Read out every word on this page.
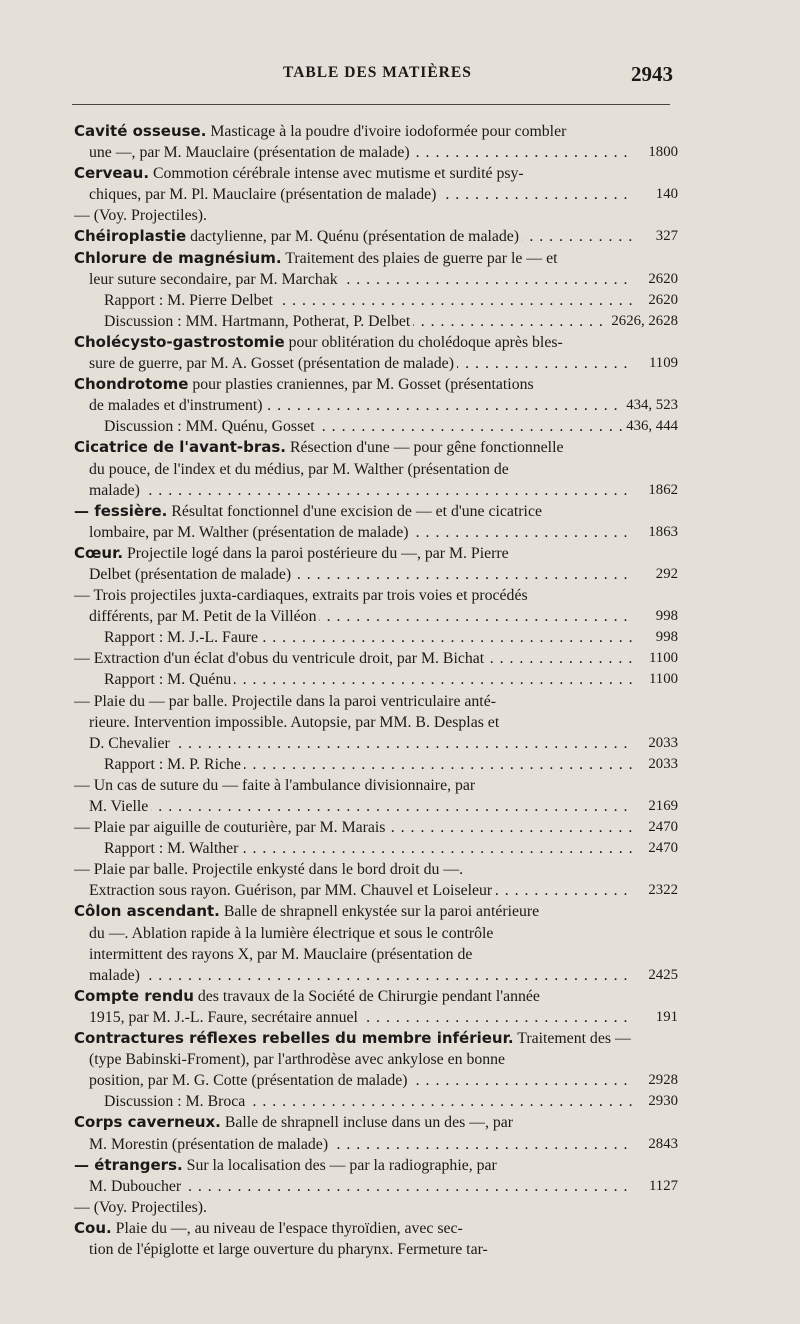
TABLE DES MATIÈRES	2943
Cavité osseuse. Masticage à la poudre d'ivoire iodoformée pour combler
une —, par M. Mauclaire (présentation de malade)	1800
. . .
Cerveau. Commotion cérébrale intense avec mutisme et surdité psy-
chiques, par M. Pl. Mauclaire (présentation de malade)	140
. . .
— (Voy. Projectiles).
Chéiroplastie dactylienne, par M. Quénu (présentation de malade)	327
. . .
Chlorure de magnésium. Traitement des plaies de guerre par le — et
leur suture secondaire, par M. Marchak	2620
. . .
Rapport : M. Pierre Delbet	2620
. . .
Discussion : MM. Hartmann, Potherat, P. Delbet	2626, 2628
. . .
Cholécysto-gastrostomie pour oblitération du cholédoque après bles-
sure de guerre, par M. A. Gosset (présentation de malade)	1109
. . .
Chondrotome pour plasties craniennes, par M. Gosset (présentations
de malades et d'instrument)	434, 523
. . .
Discussion : MM. Quénu, Gosset	436, 444
. . .
Cicatrice de l'avant-bras. Résection d'une — pour gêne fonctionnelle
du pouce, de l'index et du médius, par M. Walther (présentation de
malade)	1862
. . .
— fessière. Résultat fonctionnel d'une excision de — et d'une cicatrice
lombaire, par M. Walther (présentation de malade)	1863
. . .
Cœur. Projectile logé dans la paroi postérieure du —, par M. Pierre
Delbet (présentation de malade)	292
. . .
— Trois projectiles juxta-cardiaques, extraits par trois voies et procédés
différents, par M. Petit de la Villéon	998
. . .
Rapport : M. J.-L. Faure	998
. . .
— Extraction d'un éclat d'obus du ventricule droit, par M. Bichat	1100
. . .
Rapport : M. Quénu	1100
. . .
— Plaie du — par balle. Projectile dans la paroi ventriculaire anté-
rieure. Intervention impossible. Autopsie, par MM. B. Desplas et
D. Chevalier	2033
. . .
Rapport : M. P. Riche	2033
. . .
— Un cas de suture du — faite à l'ambulance divisionnaire, par
M. Vielle	2169
. . .
— Plaie par aiguille de couturière, par M. Marais	2470
. . .
Rapport : M. Walther	2470
. . .
— Plaie par balle. Projectile enkysté dans le bord droit du —.
Extraction sous rayon. Guérison, par MM. Chauvel et Loiseleur	2322
. . .
Côlon ascendant. Balle de shrapnell enkystée sur la paroi antérieure
du —. Ablation rapide à la lumière électrique et sous le contrôle
intermittent des rayons X, par M. Mauclaire (présentation de
malade)	2425
. . .
Compte rendu des travaux de la Société de Chirurgie pendant l'année
1915, par M. J.-L. Faure, secrétaire annuel	191
. . .
Contractures réflexes rebelles du membre inférieur. Traitement des —
(type Babinski-Froment), par l'arthrodèse avec ankylose en bonne
position, par M. G. Cotte (présentation de malade)	2928
. . .
Discussion : M. Broca	2930
. . .
Corps caverneux. Balle de shrapnell incluse dans un des —, par
M. Morestin (présentation de malade)	2843
. . .
— étrangers. Sur la localisation des — par la radiographie, par
M. Duboucher	1127
. . .
— (Voy. Projectiles).
Cou. Plaie du —, au niveau de l'espace thyroïdien, avec sec-
tion de l'épiglotte et large ouverture du pharynx. Fermeture tar-
